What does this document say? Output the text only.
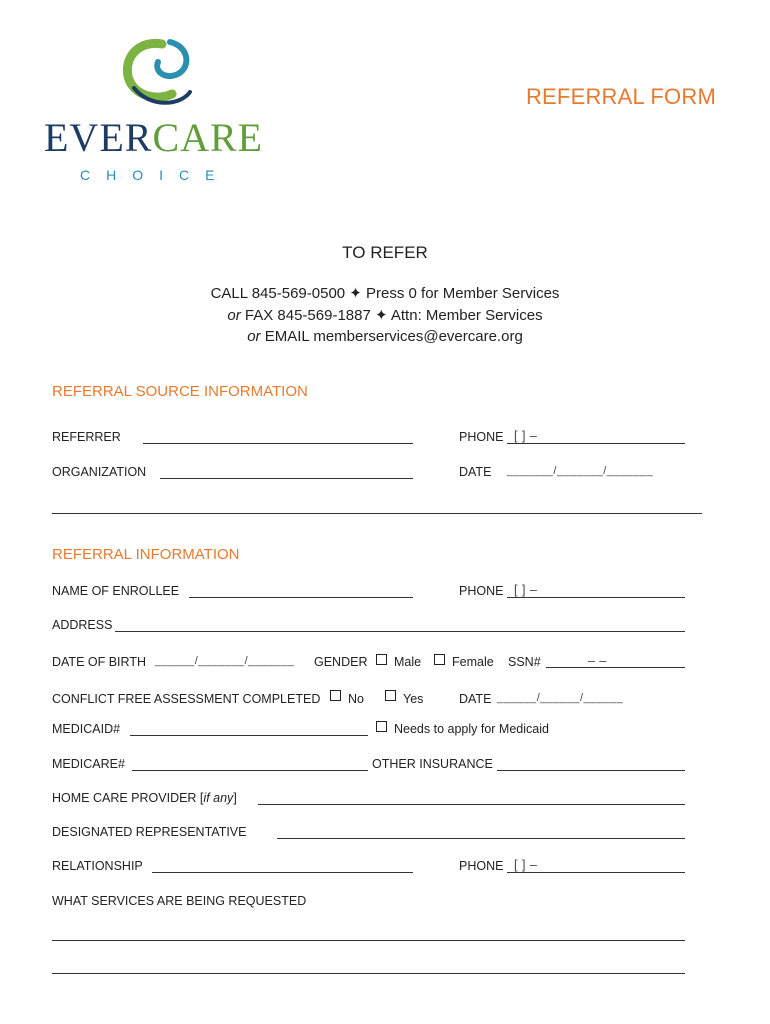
EVERCARE
CHOICE
REFERRAL FORM
TO REFER
CALL 845-569-0500 ✦ Press 0 for Member Services
or FAX 845-569-1887 ✦ Attn: Member Services
or EMAIL memberservices@evercare.org
REFERRAL SOURCE INFORMATION
REFERRER	PHONE [ ] –
ORGANIZATION	DATE _______/_______/_______
REFERRAL INFORMATION
NAME OF ENROLLEE	PHONE [ ] –
ADDRESS
DATE OF BIRTH ______/_______/_______ GENDER Male Female SSN#	– –
CONFLICT FREE ASSESSMENT COMPLETED No	Yes	DATE ______/______/______
MEDICAID#	Needs to apply for Medicaid
MEDICARE#	OTHER INSURANCE
HOME CARE PROVIDER [if any]
DESIGNATED REPRESENTATIVE
RELATIONSHIP	PHONE [ ] –
WHAT SERVICES ARE BEING REQUESTED
